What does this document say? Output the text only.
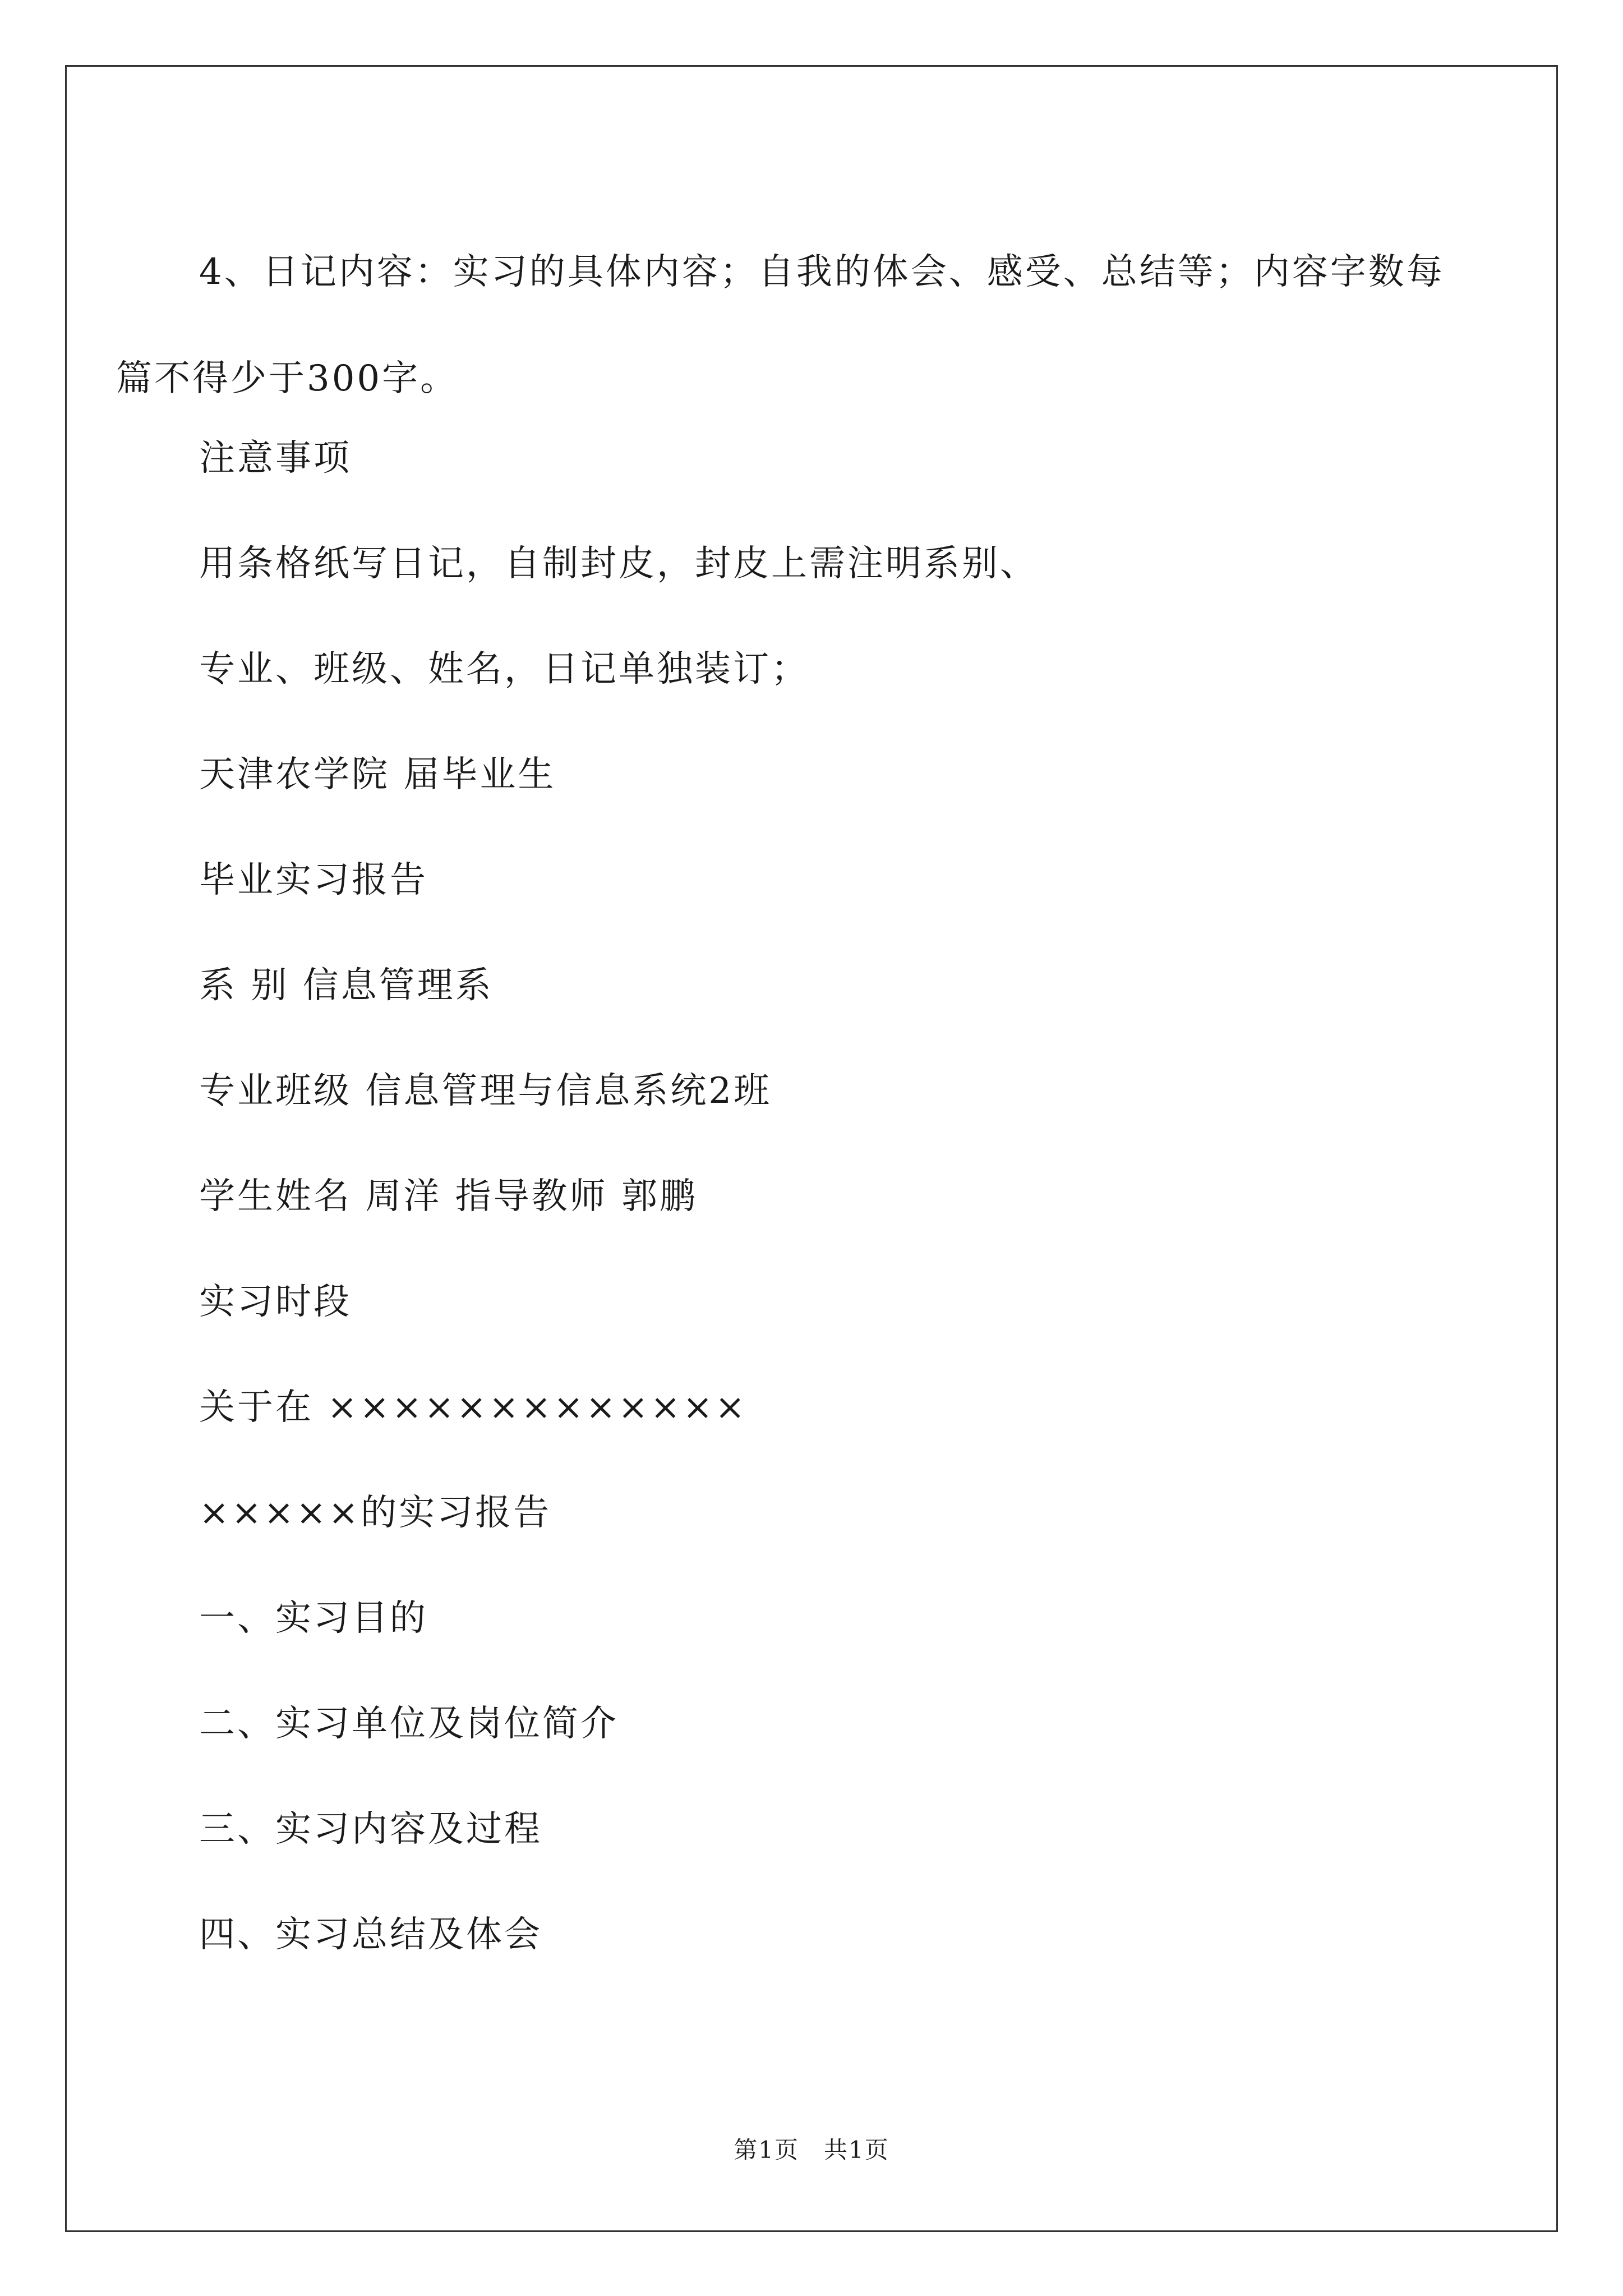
4、日记内容：实习的具体内容；自我的体会、感受、总结等；内容字数每篇不得少于300字。

注意事项

用条格纸写日记，自制封皮，封皮上需注明系别、

专业、班级、姓名，日记单独装订；

天津农学院 届毕业生

毕业实习报告

系 别 信息管理系

专业班级 信息管理与信息系统2班

学生姓名 周洋 指导教师 郭鹏

实习时段

关于在 ×××××××××××××

×××××的实习报告

一、实习目的

二、实习单位及岗位简介

三、实习内容及过程

四、实习总结及体会

第1页　共1页
